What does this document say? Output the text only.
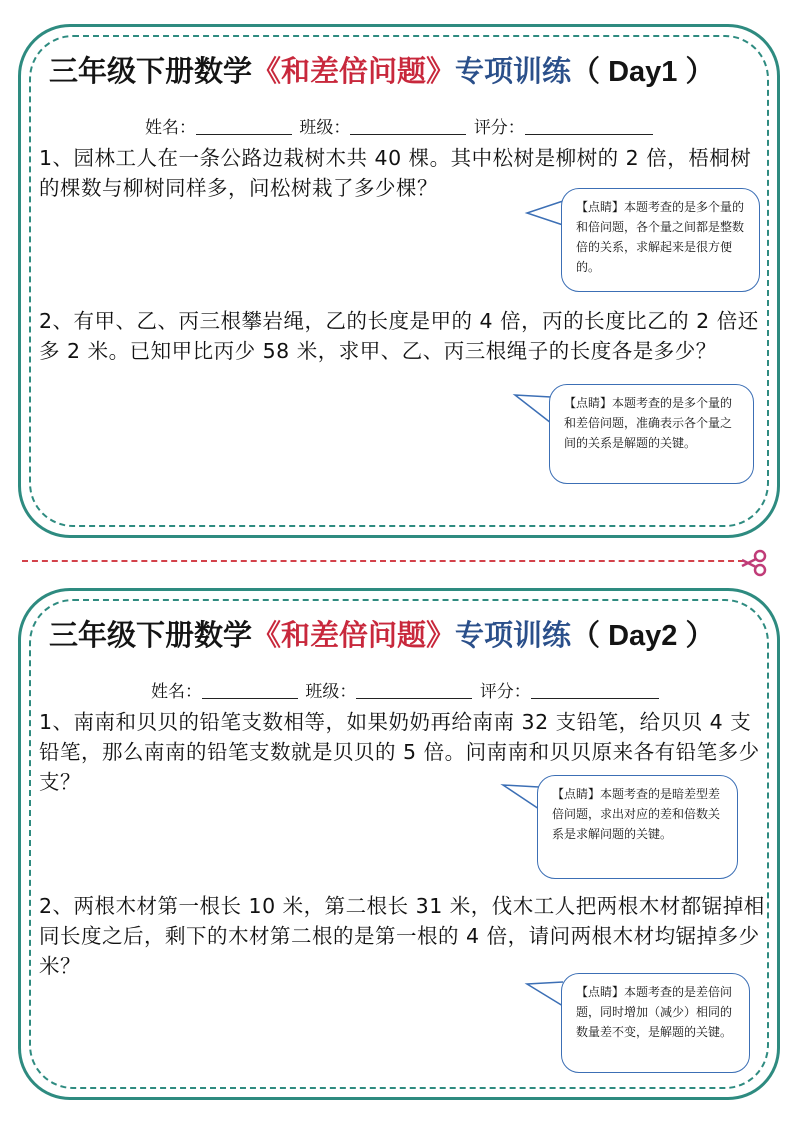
三年级下册数学《和差倍问题》专项训练（ Day1 ）
姓名：	班级：	评分：
1、园林工人在一条公路边栽树木共 40 棵。其中松树是柳树的 2 倍，梧桐树的棵数与柳树同样多，问松树栽了多少棵？
【点睛】本题考查的是多个量的和倍问题，各个量之间都是整数倍的关系，求解起来是很方便的。
2、有甲、乙、丙三根攀岩绳，乙的长度是甲的 4 倍，丙的长度比乙的 2 倍还多 2 米。已知甲比丙少 58 米，求甲、乙、丙三根绳子的长度各是多少？
【点睛】本题考查的是多个量的和差倍问题，准确表示各个量之间的关系是解题的关键。
三年级下册数学《和差倍问题》专项训练（ Day2 ）
姓名：	班级：	评分：
1、南南和贝贝的铅笔支数相等，如果奶奶再给南南 32 支铅笔，给贝贝 4 支铅笔，那么南南的铅笔支数就是贝贝的 5 倍。问南南和贝贝原来各有铅笔多少支？	【点睛】本题考查的是暗差型差倍问题，求出对应的差和倍数关系是求解问题的关键。
2、两根木材第一根长 10 米，第二根长 31 米，伐木工人把两根木材都锯掉相同长度之后，剩下的木材第二根的是第一根的 4 倍，请问两根木材均锯掉多少米？
【点睛】本题考查的是差倍问题，同时增加（减少）相同的数量差不变，是解题的关键。
